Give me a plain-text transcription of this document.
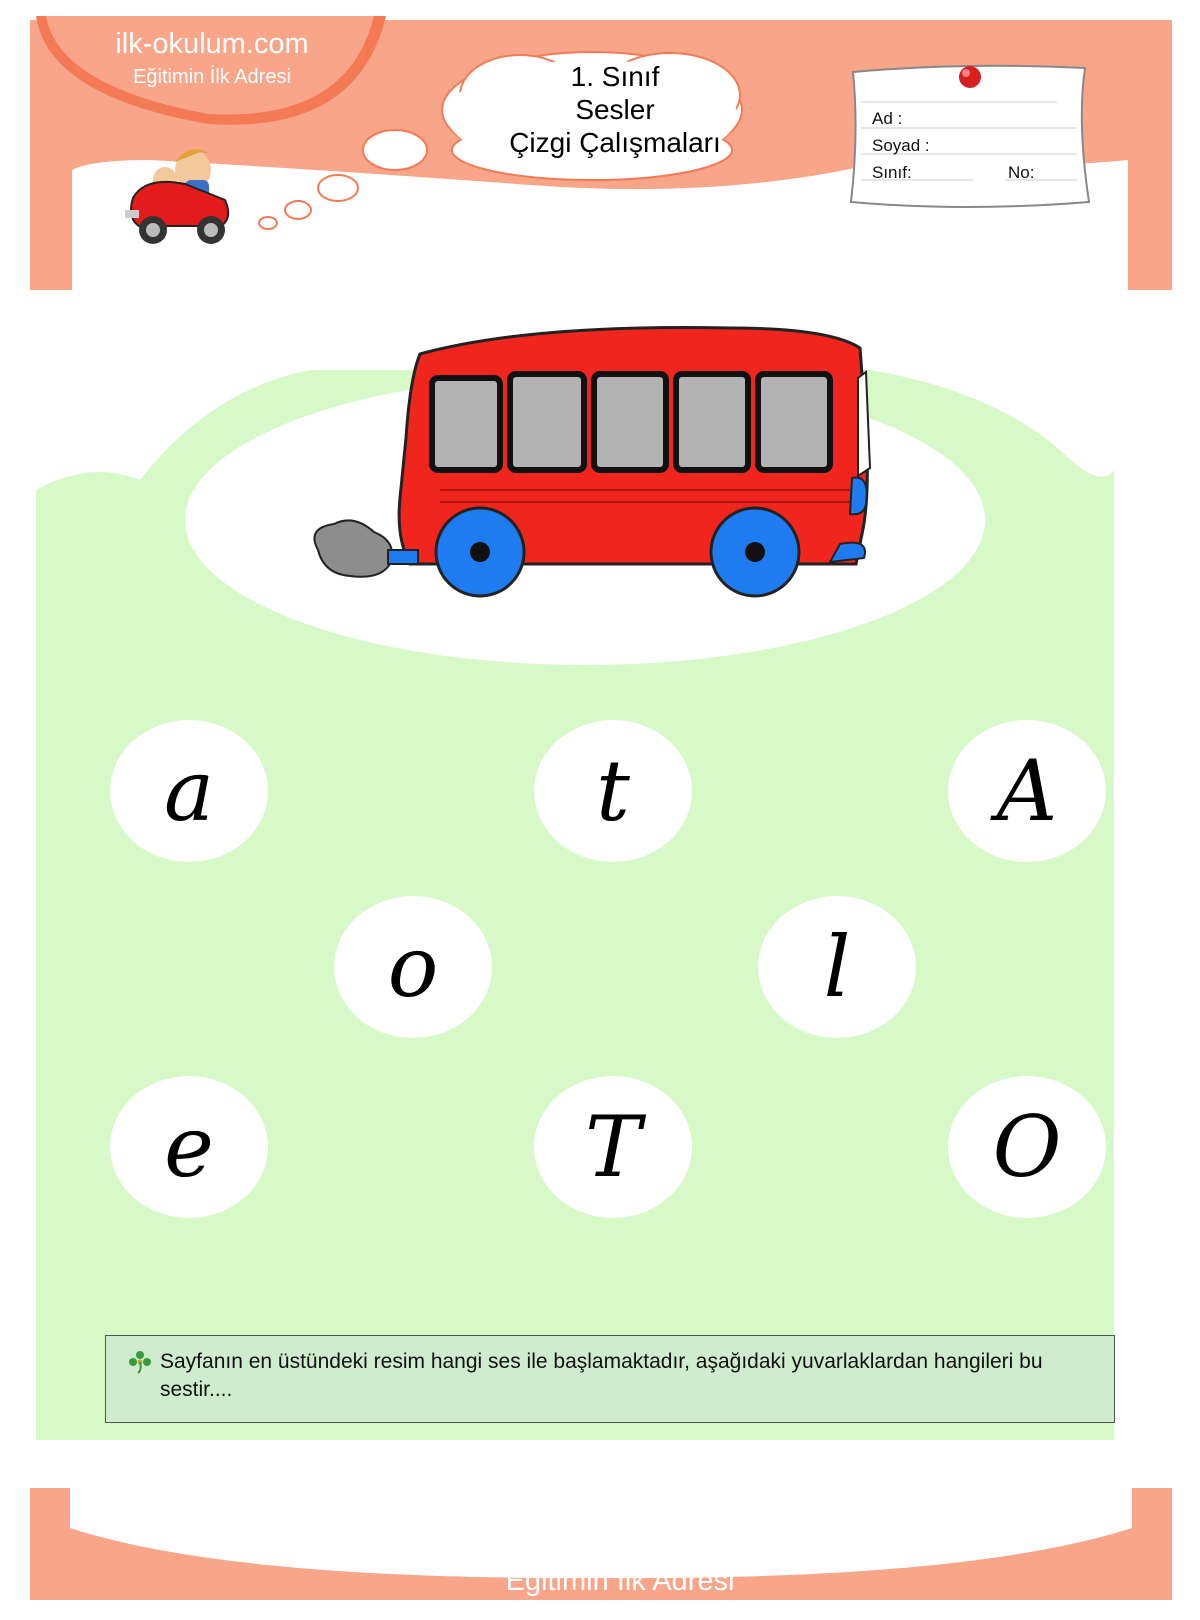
ilk-okulum.com
Eğitimin İlk Adresi	1. Sınıf
Sesler
Çizgi Çalışmaları
Ad :
Soyad :
Sınıf:	No:
a	t	A
o	l
e	T	O
Sayfanın en üstündeki resim hangi ses ile başlamaktadır, aşağıdaki yuvarlaklardan hangileri bu sestir....
ilk-okulum.com
Eğitimin İlk Adresi
